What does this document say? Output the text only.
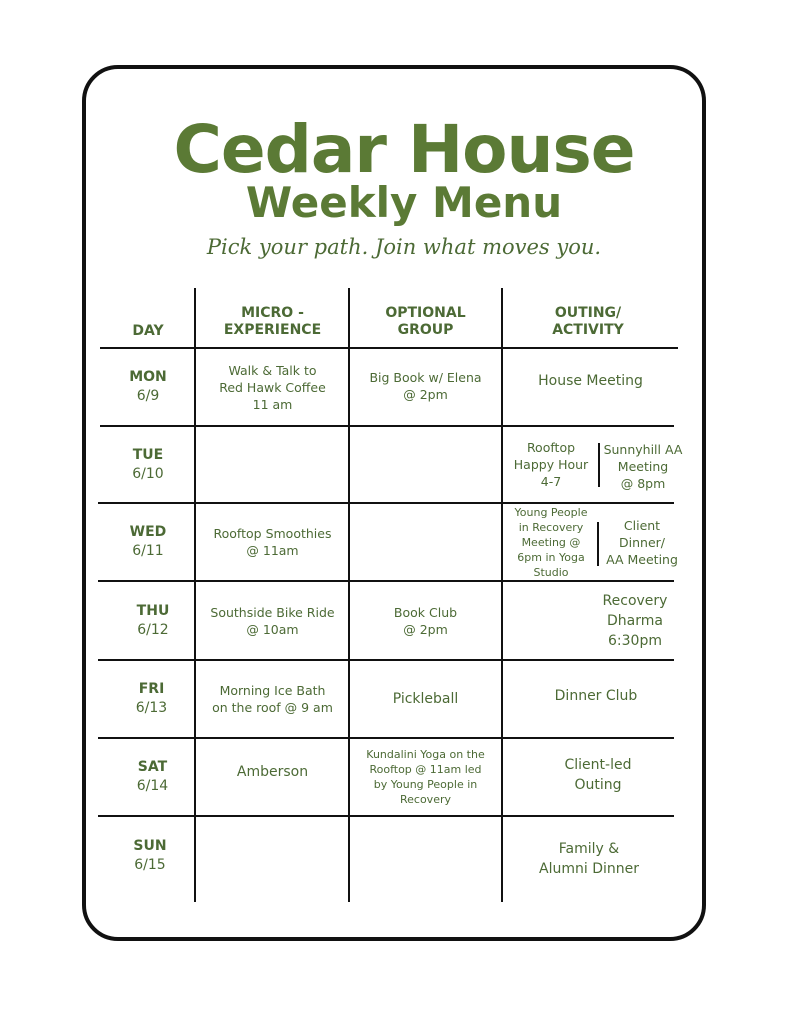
Cedar House
Weekly Menu
Pick your path. Join what moves you.
DAY
MICRO -
EXPERIENCE
OPTIONAL
GROUP
OUTING/
ACTIVITY
MON
6/9
Walk & Talk to
Red Hawk Coffee
11 am
Big Book w/ Elena
@ 2pm
House Meeting
TUE
6/10
Rooftop
Happy Hour
4-7
Sunnyhill AA
Meeting
@ 8pm
WED
6/11
Rooftop Smoothies
@ 11am
Young People
in Recovery
Meeting @
6pm in Yoga
Studio
Client
Dinner/
AA Meeting
THU
6/12
Southside Bike Ride
@ 10am
Book Club
@ 2pm
Recovery
Dharma
6:30pm
FRI
6/13
Morning Ice Bath
on the roof @ 9 am
Pickleball	Dinner Club
SAT
6/14
Amberson
Kundalini Yoga on the
Rooftop @ 11am led
by Young People in
Recovery
Client-led
Outing
SUN
6/15
Family &
Alumni Dinner
